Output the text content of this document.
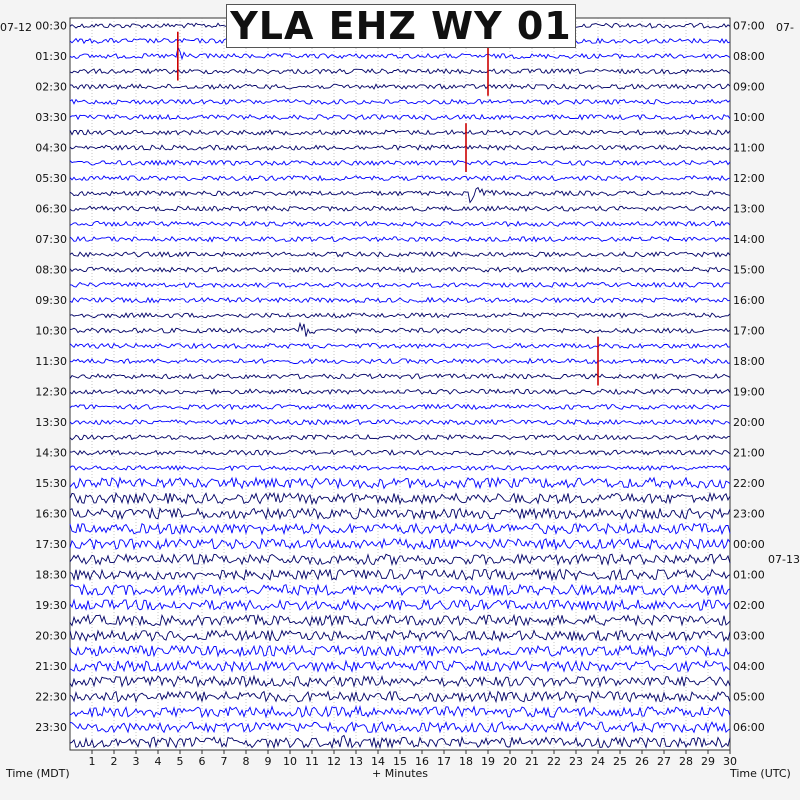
1 2 3 4 5 6 7 8 9 10 11 12 13 14 15 16 17 18 19 20 21 22 23 24 25 26 27 28 29 30
00:30
01:30
02:30
03:30
04:30
05:30
06:30
07:30
08:30
09:30
10:30
11:30
12:30
13:30
14:30
15:30
16:30
17:30
18:30
19:30
20:30
21:30
22:30
23:30
07:00
08:00
09:00
10:00
11:00
12:00
13:00
14:00
15:00
16:00
17:00
18:00
19:00
20:00
21:00
22:00
23:00
00:00
01:00
02:00
03:00
04:00
05:00
06:00
07-12	07-
07-13
+ Minutes
Time (MDT)	Time (UTC)
YLA EHZ WY 01
